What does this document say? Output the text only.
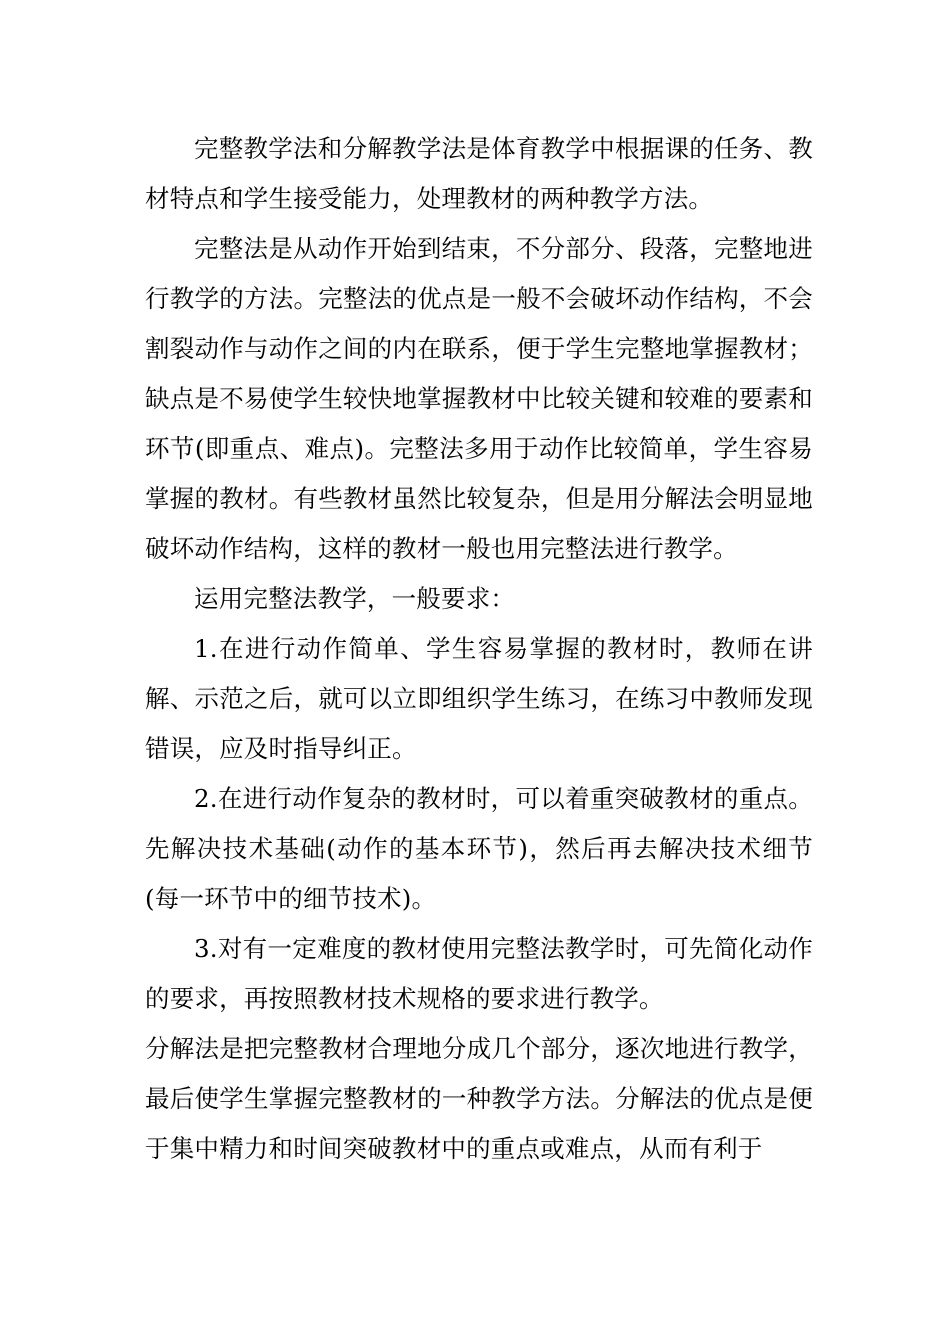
完整教学法和分解教学法是体育教学中根据课的任务、教材特点和学生接受能力，处理教材的两种教学方法。

完整法是从动作开始到结束，不分部分、段落，完整地进行教学的方法。完整法的优点是一般不会破坏动作结构，不会割裂动作与动作之间的内在联系，便于学生完整地掌握教材；缺点是不易使学生较快地掌握教材中比较关键和较难的要素和环节(即重点、难点)。完整法多用于动作比较简单，学生容易掌握的教材。有些教材虽然比较复杂，但是用分解法会明显地破坏动作结构，这样的教材一般也用完整法进行教学。

运用完整法教学，一般要求：

1.在进行动作简单、学生容易掌握的教材时，教师在讲解、示范之后，就可以立即组织学生练习，在练习中教师发现错误，应及时指导纠正。

2.在进行动作复杂的教材时，可以着重突破教材的重点。先解决技术基础(动作的基本环节)，然后再去解决技术细节(每一环节中的细节技术)。

3.对有一定难度的教材使用完整法教学时，可先简化动作的要求，再按照教材技术规格的要求进行教学。

分解法是把完整教材合理地分成几个部分，逐次地进行教学，最后使学生掌握完整教材的一种教学方法。分解法的优点是便于集中精力和时间突破教材中的重点或难点，从而有利于
